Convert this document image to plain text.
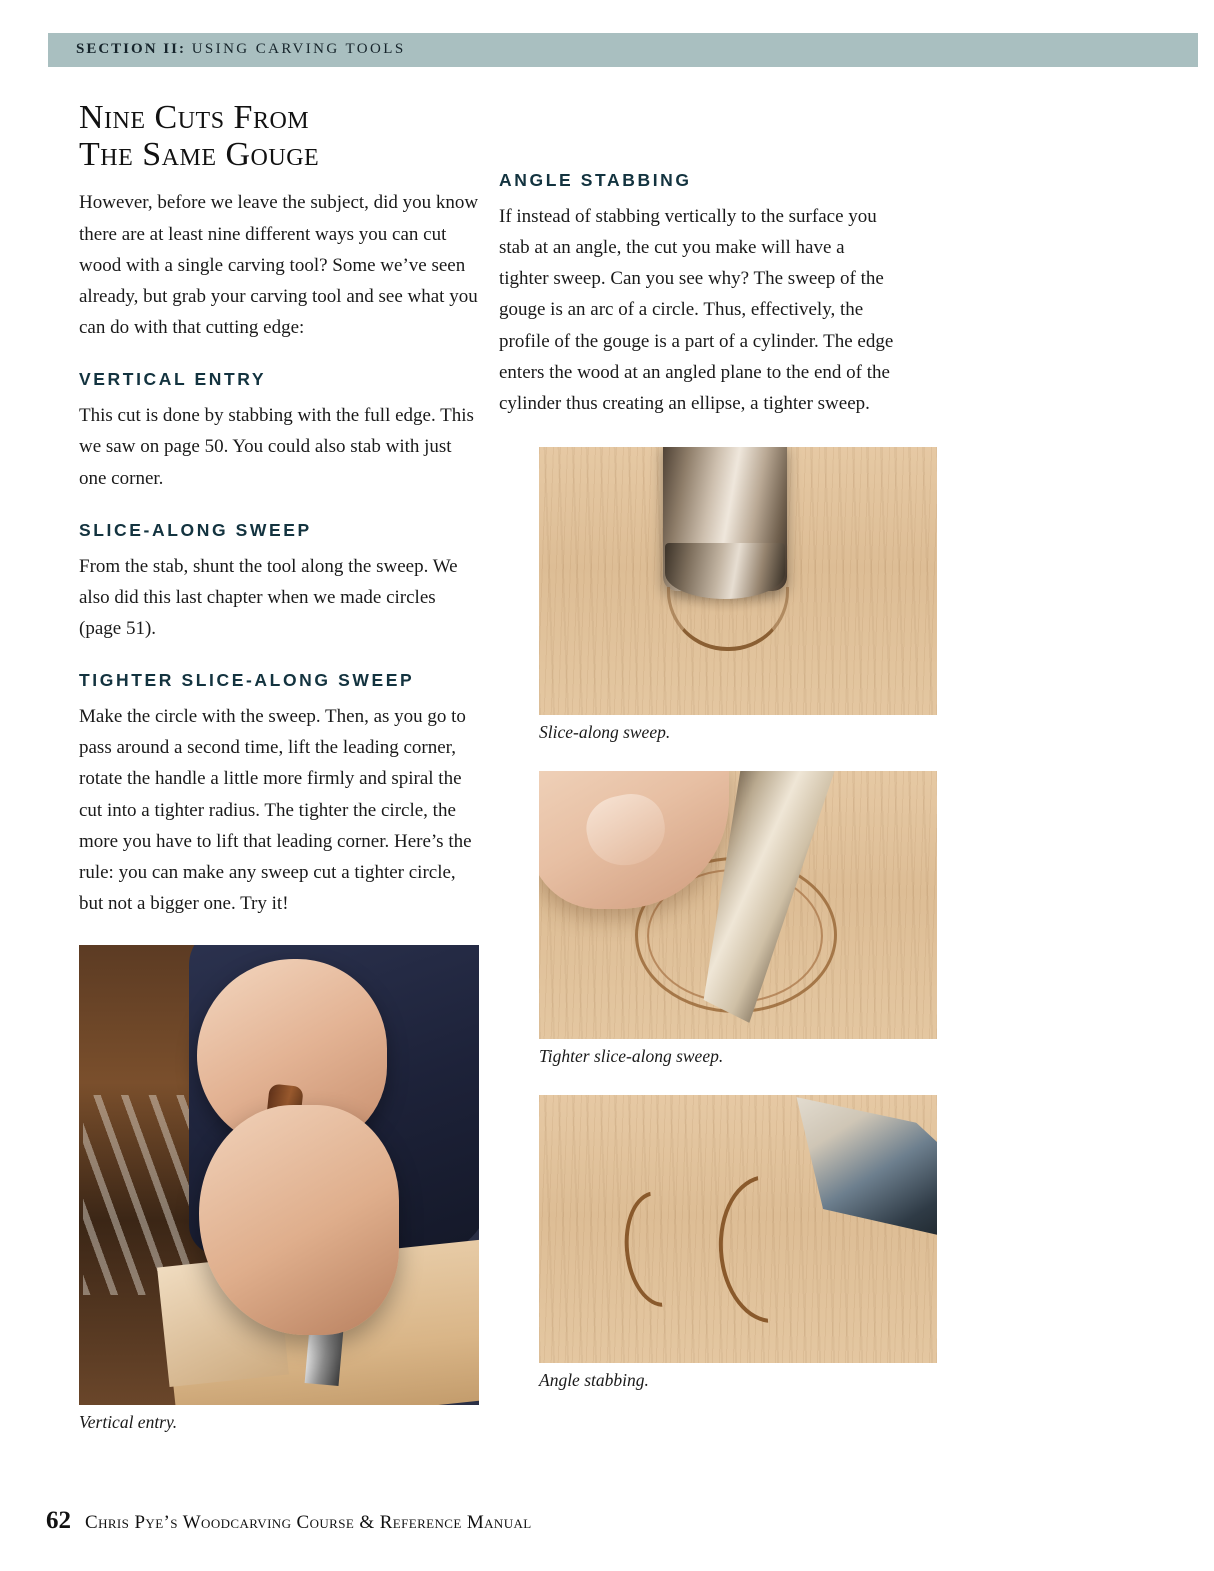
SECTION II: USING CARVING TOOLS
Nine Cuts From
The Same Gouge

However, before we leave the subject, did you know there are at least nine different ways you can cut wood with a single carving tool? Some we’ve seen already, but grab your carving tool and see what you can do with that cutting edge:

VERTICAL ENTRY

This cut is done by stabbing with the full edge. This we saw on page 50. You could also stab with just one corner.

SLICE-ALONG SWEEP

From the stab, shunt the tool along the sweep. We also did this last chapter when we made circles (page 51).

TIGHTER SLICE-ALONG SWEEP

Make the circle with the sweep. Then, as you go to pass around a second time, lift the leading corner, rotate the handle a little more firmly and spiral the cut into a tighter radius. The tighter the circle, the more you have to lift that leading corner. Here’s the rule: you can make any sweep cut a tighter circle, but not a bigger one. Try it!

Vertical entry.
ANGLE STABBING

If instead of stabbing vertically to the surface you stab at an angle, the cut you make will have a tighter sweep. Can you see why? The sweep of the gouge is an arc of a circle. Thus, effectively, the profile of the gouge is a part of a cylinder. The edge enters the wood at an angled plane to the end of the cylinder thus creating an ellipse, a tighter sweep.

Slice-along sweep.
Tighter slice-along sweep.
Angle stabbing.
62 Chris Pye’s Woodcarving Course & Reference Manual
